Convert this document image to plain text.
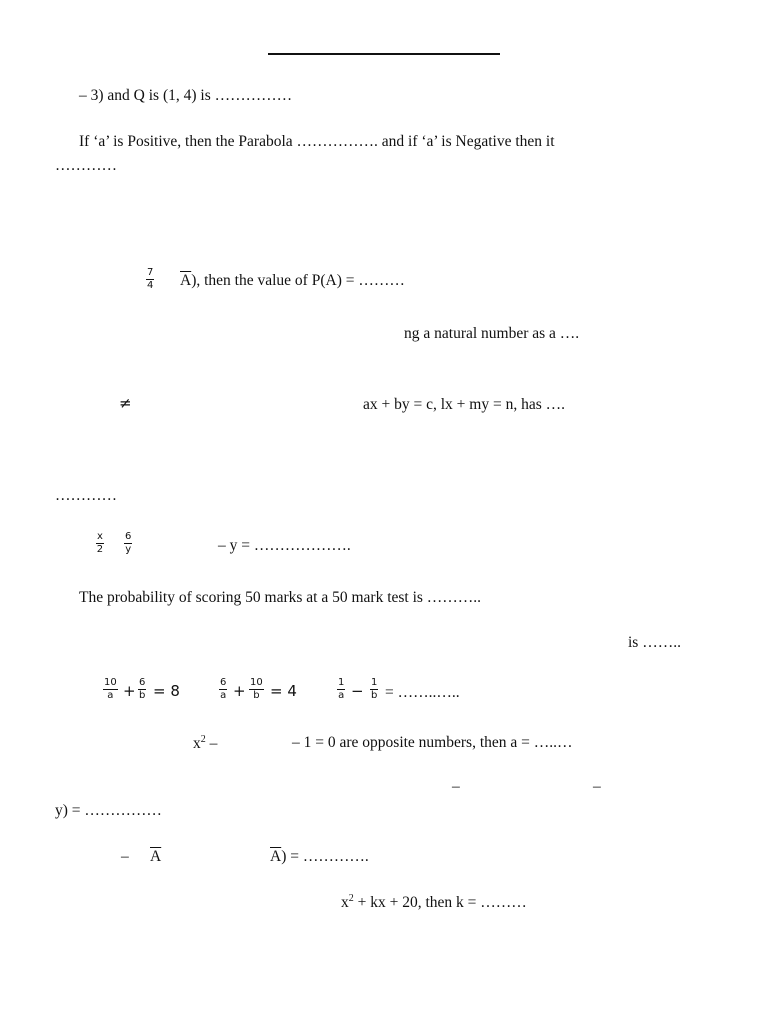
– 3) and Q is (1, 4) is ……………
If ‘a’ is Positive, then the Parabola ……………. and if ‘a’ is Negative then it
…………
$\frac{7}{4} \overline{A}$), then the value of P(A) = ………
ng a natural number as a ….
≠	ax + by = c, lx + my = n, has ….
…………
$\frac{x}{2} \frac{6}{y}$	– y = ……………….
The probability of scoring 50 marks at a 50 mark test is ………..
is ……..
$\frac{10}{a} + \frac{6}{b} = 8$	$\frac{6}{a} + \frac{10}{b} = 4$	$\frac{1}{a} - \frac{1}{b}$ = ……..…..
$x^2$ –	– 1 = 0 are opposite numbers, then a = …..…
–	–
y) = ……………
– $\overline{A}$	$\overline{A}$) = ………….
$x^2$ + kx + 20, then k = ………
